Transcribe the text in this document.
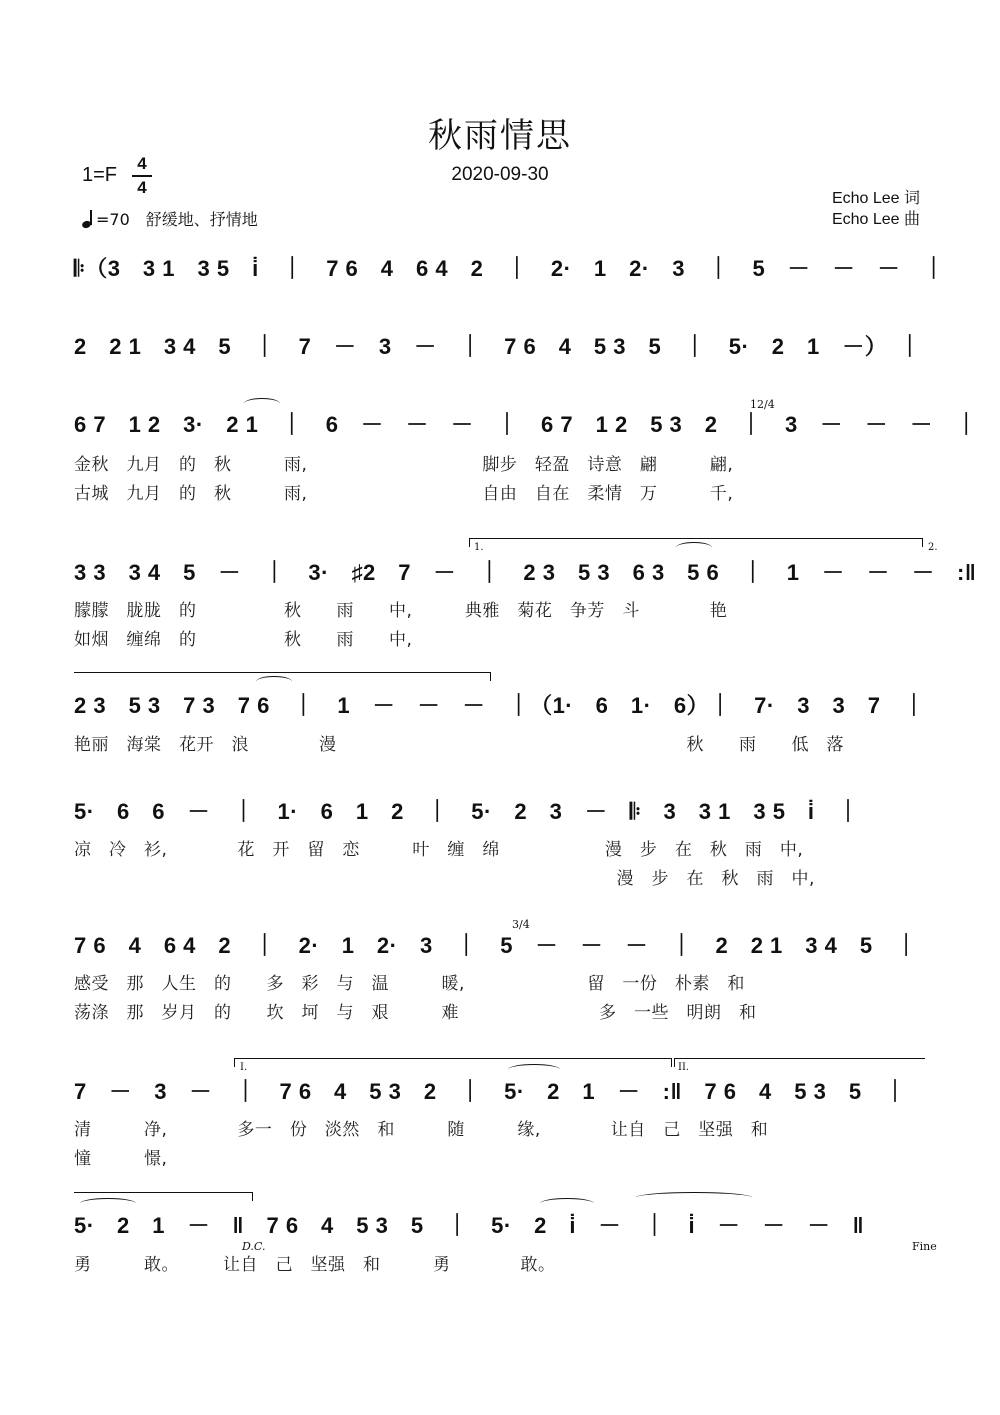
秋雨情思
2020-09-30
1=F
4
4
=70　舒缓地、抒情地
Echo Lee 词
Echo Lee 曲
𝄆（3　3 1　3 5　i̇　｜　7 6　4　6 4　2　｜　2·　1　2·　3　｜　5　－　－　－　｜
2　2 1　3 4　5　｜　7　－　3　－　｜　7 6　4　5 3　5　｜　5·　2　1　－）　｜
12/4
6 7　1 2　3·　2 1　｜　6　－　－　－　｜　6 7　1 2　5 3　2　｜　3　－　－　－　｜
金秋　九月　的　秋　　　雨,　　　　　　　　　　脚步　轻盈　诗意　翩　　　翩,
古城　九月　的　秋　　　雨,　　　　　　　　　　自由　自在　柔情　万　　　千,
1.	2.
3 3　3 4　5　－　｜　3·　♯2　7　－　｜　2 3　5 3　6 3　5 6　｜　1　－　－　－　:‖
朦朦　胧胧　的　　　　　秋　　雨　　中,　　　典雅　菊花　争芳　斗　　　　艳
如烟　缠绵　的　　　　　秋　　雨　　中,
2 3　5 3　7 3　7 6　｜　1　－　－　－　｜（1·　6　1·　6）｜　7·　3　3　7　｜
艳丽　海棠　花开　浪　　　　漫　　　　　　　　　　　　　　　　　　　　秋　　雨　　低　落
5·　6　6　－　｜　1·　6　1　2　｜　5·　2　3　－　𝄆　3　3 1　3 5　i̇　｜
凉　冷　衫,　　　　花　开　留　恋　　　叶　缠　绵　　　　　　漫　步　在　秋　雨　中,
　　　　　　　　　　　　　　　　　　　　　　　　　　　　　　　漫　步　在　秋　雨　中,
3/4
7 6　4　6 4　2　｜　2·　1　2·　3　｜　5　－　－　－　｜　2　2 1　3 4　5　｜
感受　那　人生　的　　多　彩　与　温　　　暖,　　　　　　　留　一份　朴素　和
荡涤　那　岁月　的　　坎　坷　与　艰　　　难　　　　　　　　多　一些　明朗　和
I.	II.
7　－　3　－　｜　7 6　4　5 3　2　｜　5·　2　1　－　:‖　7 6　4　5 3　5　｜
清　　　净,　　　　多一　份　淡然　和　　　随　　　缘,　　　　让自　己　坚强　和
憧　　　憬,
5·　2　1　－　‖　7 6　4　5 3　5　｜　5·　2　i̇　－　｜　i̇　－　－　－　‖
D.C.	Fine
勇　　　敢。　　　让自　己　坚强　和　　　勇　　　　敢。
